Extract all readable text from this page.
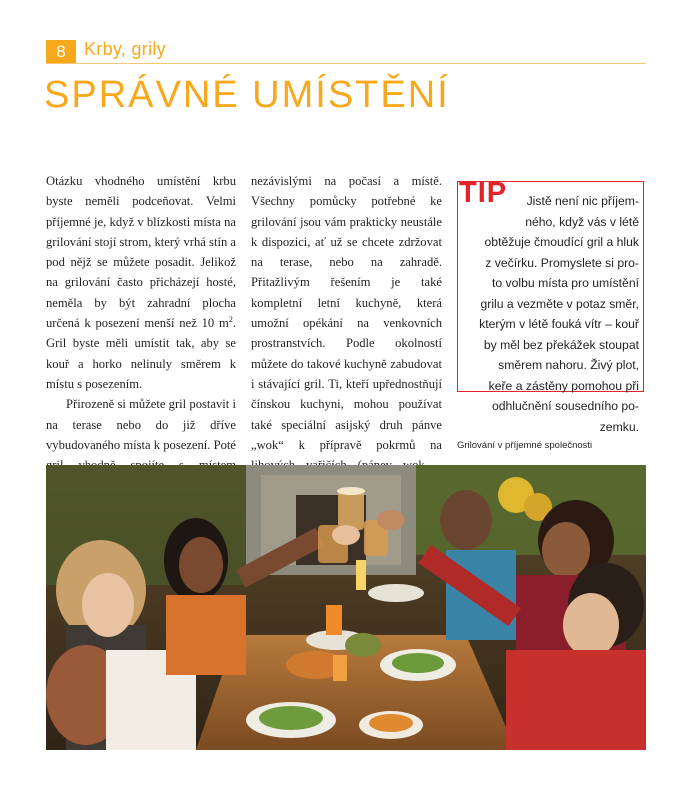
8	Krby, grily
SPRÁVNÉ UMÍSTĚNÍ

Otázku vhodného umístění krbu byste neměli podceňovat. Velmi příjemné je, když v blízkosti místa na grilování stojí strom, který vrhá stín a pod nějž se můžete posadit. Jelikož na grilování často přicházejí hosté, neměla by být zahradní plocha určená k posezení menší než 10 $m^2$. Gril byste měli umístit tak, aby se kouř a horko nelinuly směrem k místu s posezením.

Přirozeně si můžete gril postavit i na terase nebo do již dříve vybudovaného místa k posezení. Poté

nezávislými na počasí a místě. Všechny pomůcky potřebné ke grilování jsou vám prakticky neustále k dispozici, ať už se chcete zdržovat na terase, nebo na zahradě. Přitažlivým řešením je také kompletní letní kuchyně, která umožní opékání na venkovních prostranstvích. Podle okolností můžete do takové kuchyně zabudovat i stávající gril. Ti, kteří upřednostňují čínskou kuchyni, mohou používat také speciální asijský druh pánve „wok“ k přípravě pokrmů na

TIP	Jistě není nic příjem-
ného, když vás v létě
obtěžuje čmoudící gril a hluk
z večírku. Promyslete si pro-
to volbu místa pro umístění
grilu a vezměte v potaz směr,
kterým v létě fouká vítr – kouř
by měl bez překážek stoupat
směrem nahoru. Živý plot,
keře a zástěny pomohou při
odhlučnění sousedního po-
zemku.
Grilování v příjemné společnosti
